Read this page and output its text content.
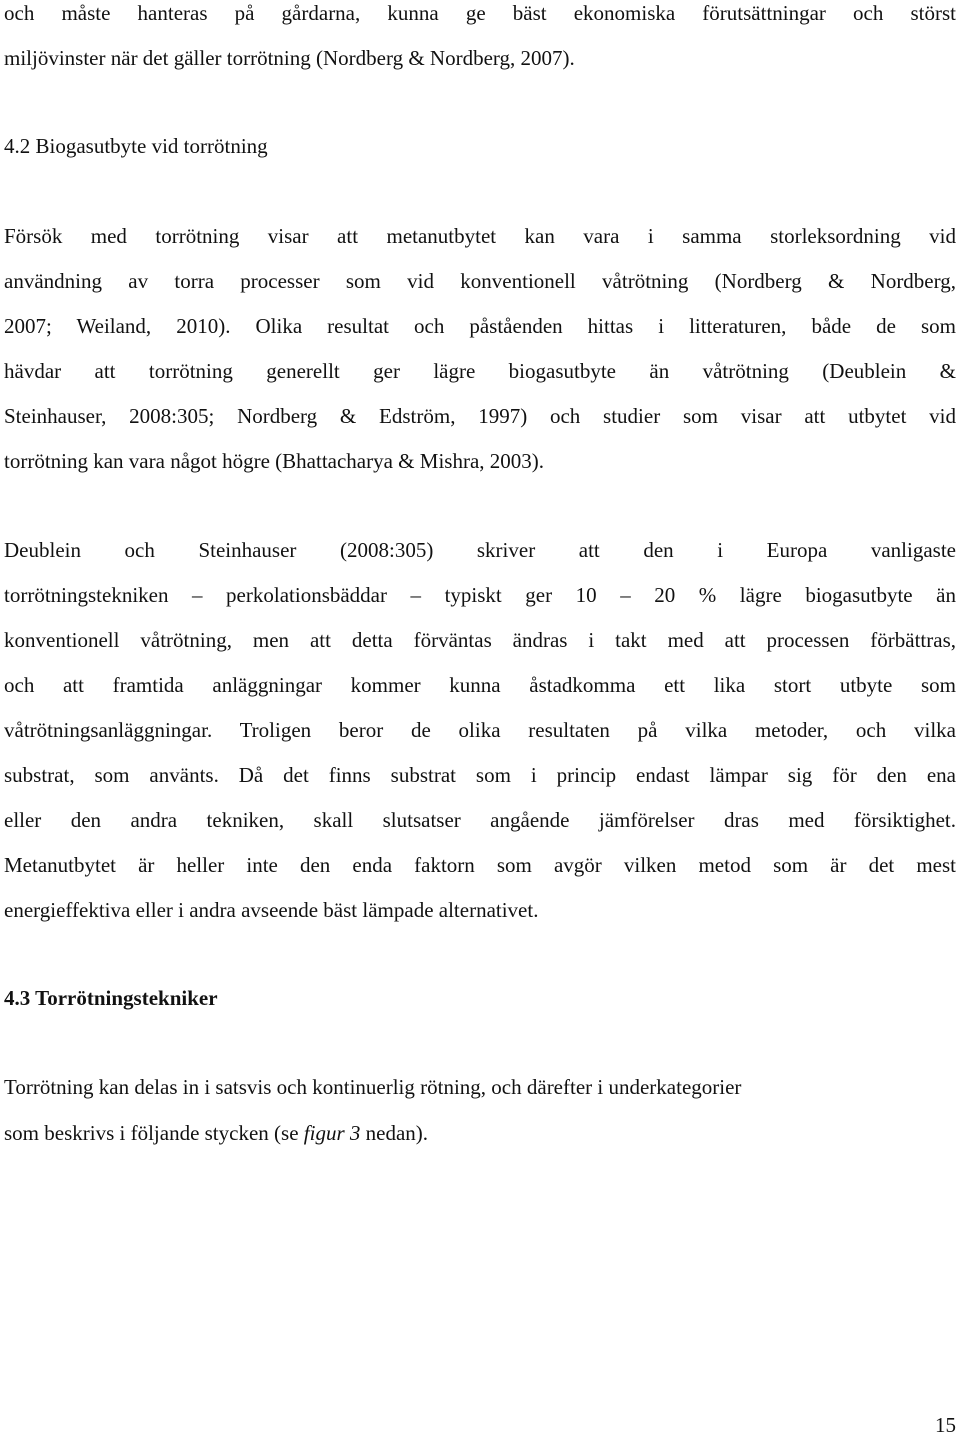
och måste hanteras på gårdarna, kunna ge bäst ekonomiska förutsättningar och störst
miljövinster när det gäller torrötning (Nordberg & Nordberg, 2007).
4.2 Biogasutbyte vid torrötning
Försök med torrötning visar att metanutbytet kan vara i samma storleksordning vid
användning av torra processer som vid konventionell våtrötning (Nordberg & Nordberg,
2007; Weiland, 2010). Olika resultat och påståenden hittas i litteraturen, både de som
hävdar att torrötning generellt ger lägre biogasutbyte än våtrötning (Deublein &
Steinhauser, 2008:305; Nordberg & Edström, 1997) och studier som visar att utbytet vid
torrötning kan vara något högre (Bhattacharya & Mishra, 2003).
Deublein och Steinhauser (2008:305) skriver att den i Europa vanligaste
torrötningstekniken – perkolationsbäddar – typiskt ger 10 – 20 % lägre biogasutbyte än
konventionell våtrötning, men att detta förväntas ändras i takt med att processen förbättras,
och att framtida anläggningar kommer kunna åstadkomma ett lika stort utbyte som
våtrötningsanläggningar. Troligen beror de olika resultaten på vilka metoder, och vilka
substrat, som använts. Då det finns substrat som i princip endast lämpar sig för den ena
eller den andra tekniken, skall slutsatser angående jämförelser dras med försiktighet.
Metanutbytet är heller inte den enda faktorn som avgör vilken metod som är det mest
energieffektiva eller i andra avseende bäst lämpade alternativet.
4.3 Torrötningstekniker
Torrötning kan delas in i satsvis och kontinuerlig rötning, och därefter i underkategorier
som beskrivs i följande stycken (se figur 3 nedan).
15
